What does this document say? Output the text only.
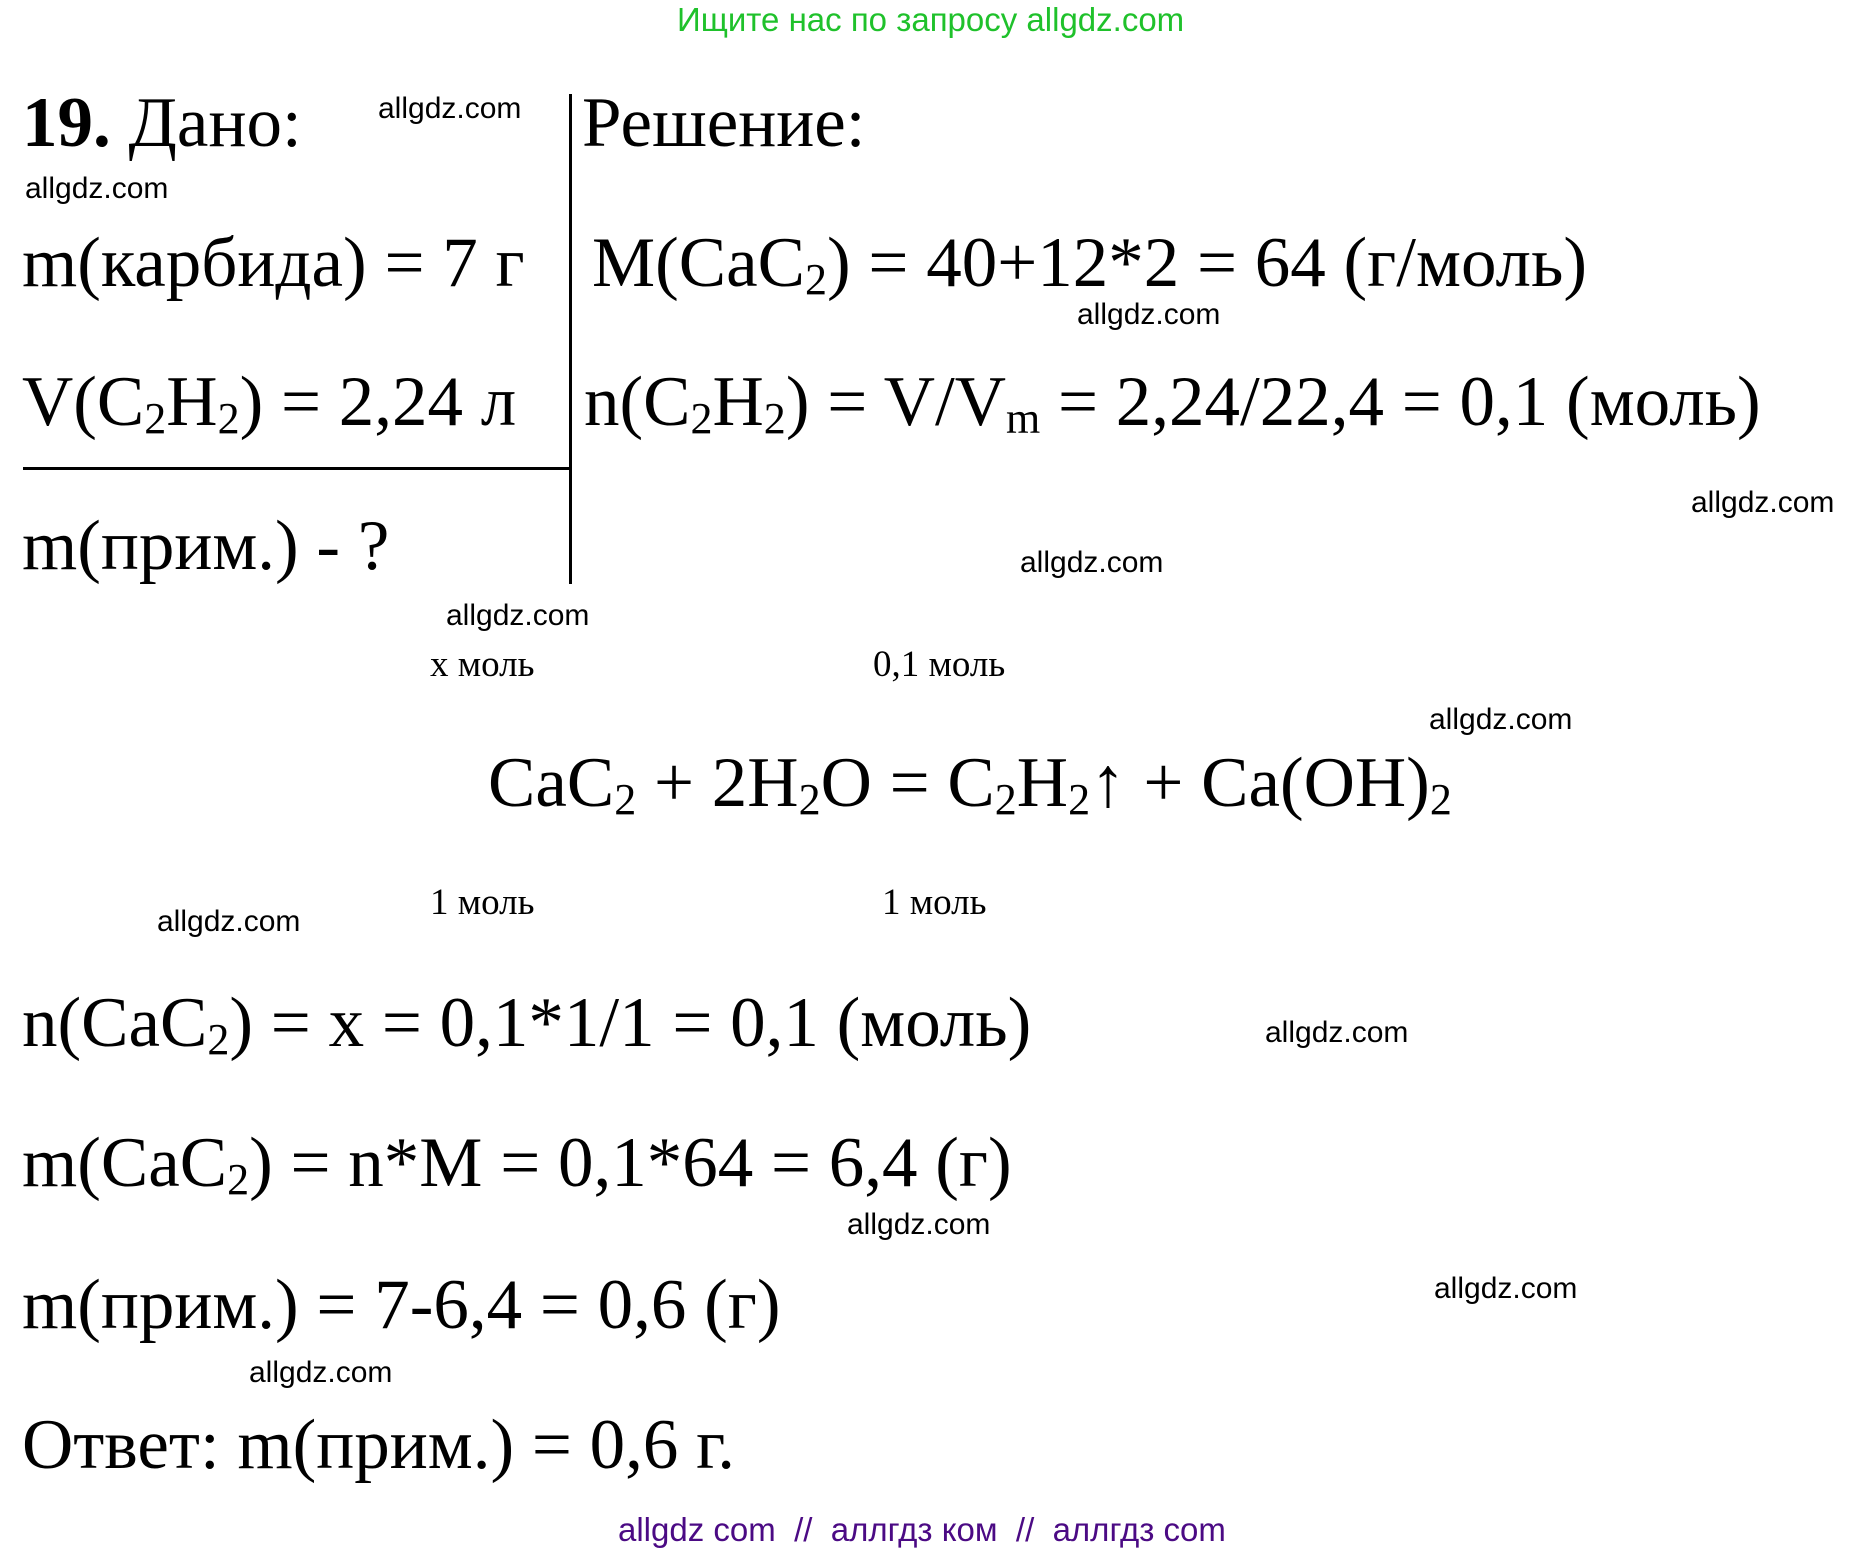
Ищите нас по запросу allgdz.com
19. Дано:	Решение:
m(карбида) = 7 г
$V(C_2H_2) = 2,24$ л
m(прим.) - ?
M(CaC$_2$) = 40+12*2 = 64 (г/моль)
$n(C_2H_2) = V/V_m = 2,24/22,4 = 0,1$ (моль)
x моль	0,1 моль
$CaC_2 + 2H_2O$ = $C_2H_2↑ + Ca(OH)_2$
1 моль	1 моль
n(CaC$_2$) = x = 0,1*1/1 = 0,1 (моль)
m(CaC$_2$) = n*M = 0,1*64 = 6,4 (г)
m(прим.) = 7-6,4 = 0,6 (г)
Ответ: m(прим.) = 0,6 г.
allgdz.com
allgdz.com
allgdz.com
allgdz.com
allgdz.com
allgdz.com
allgdz.com
allgdz.com
allgdz.com
allgdz.com
allgdz.com
allgdz.com
allgdz com  //  аллгдз ком  //  аллгдз com
